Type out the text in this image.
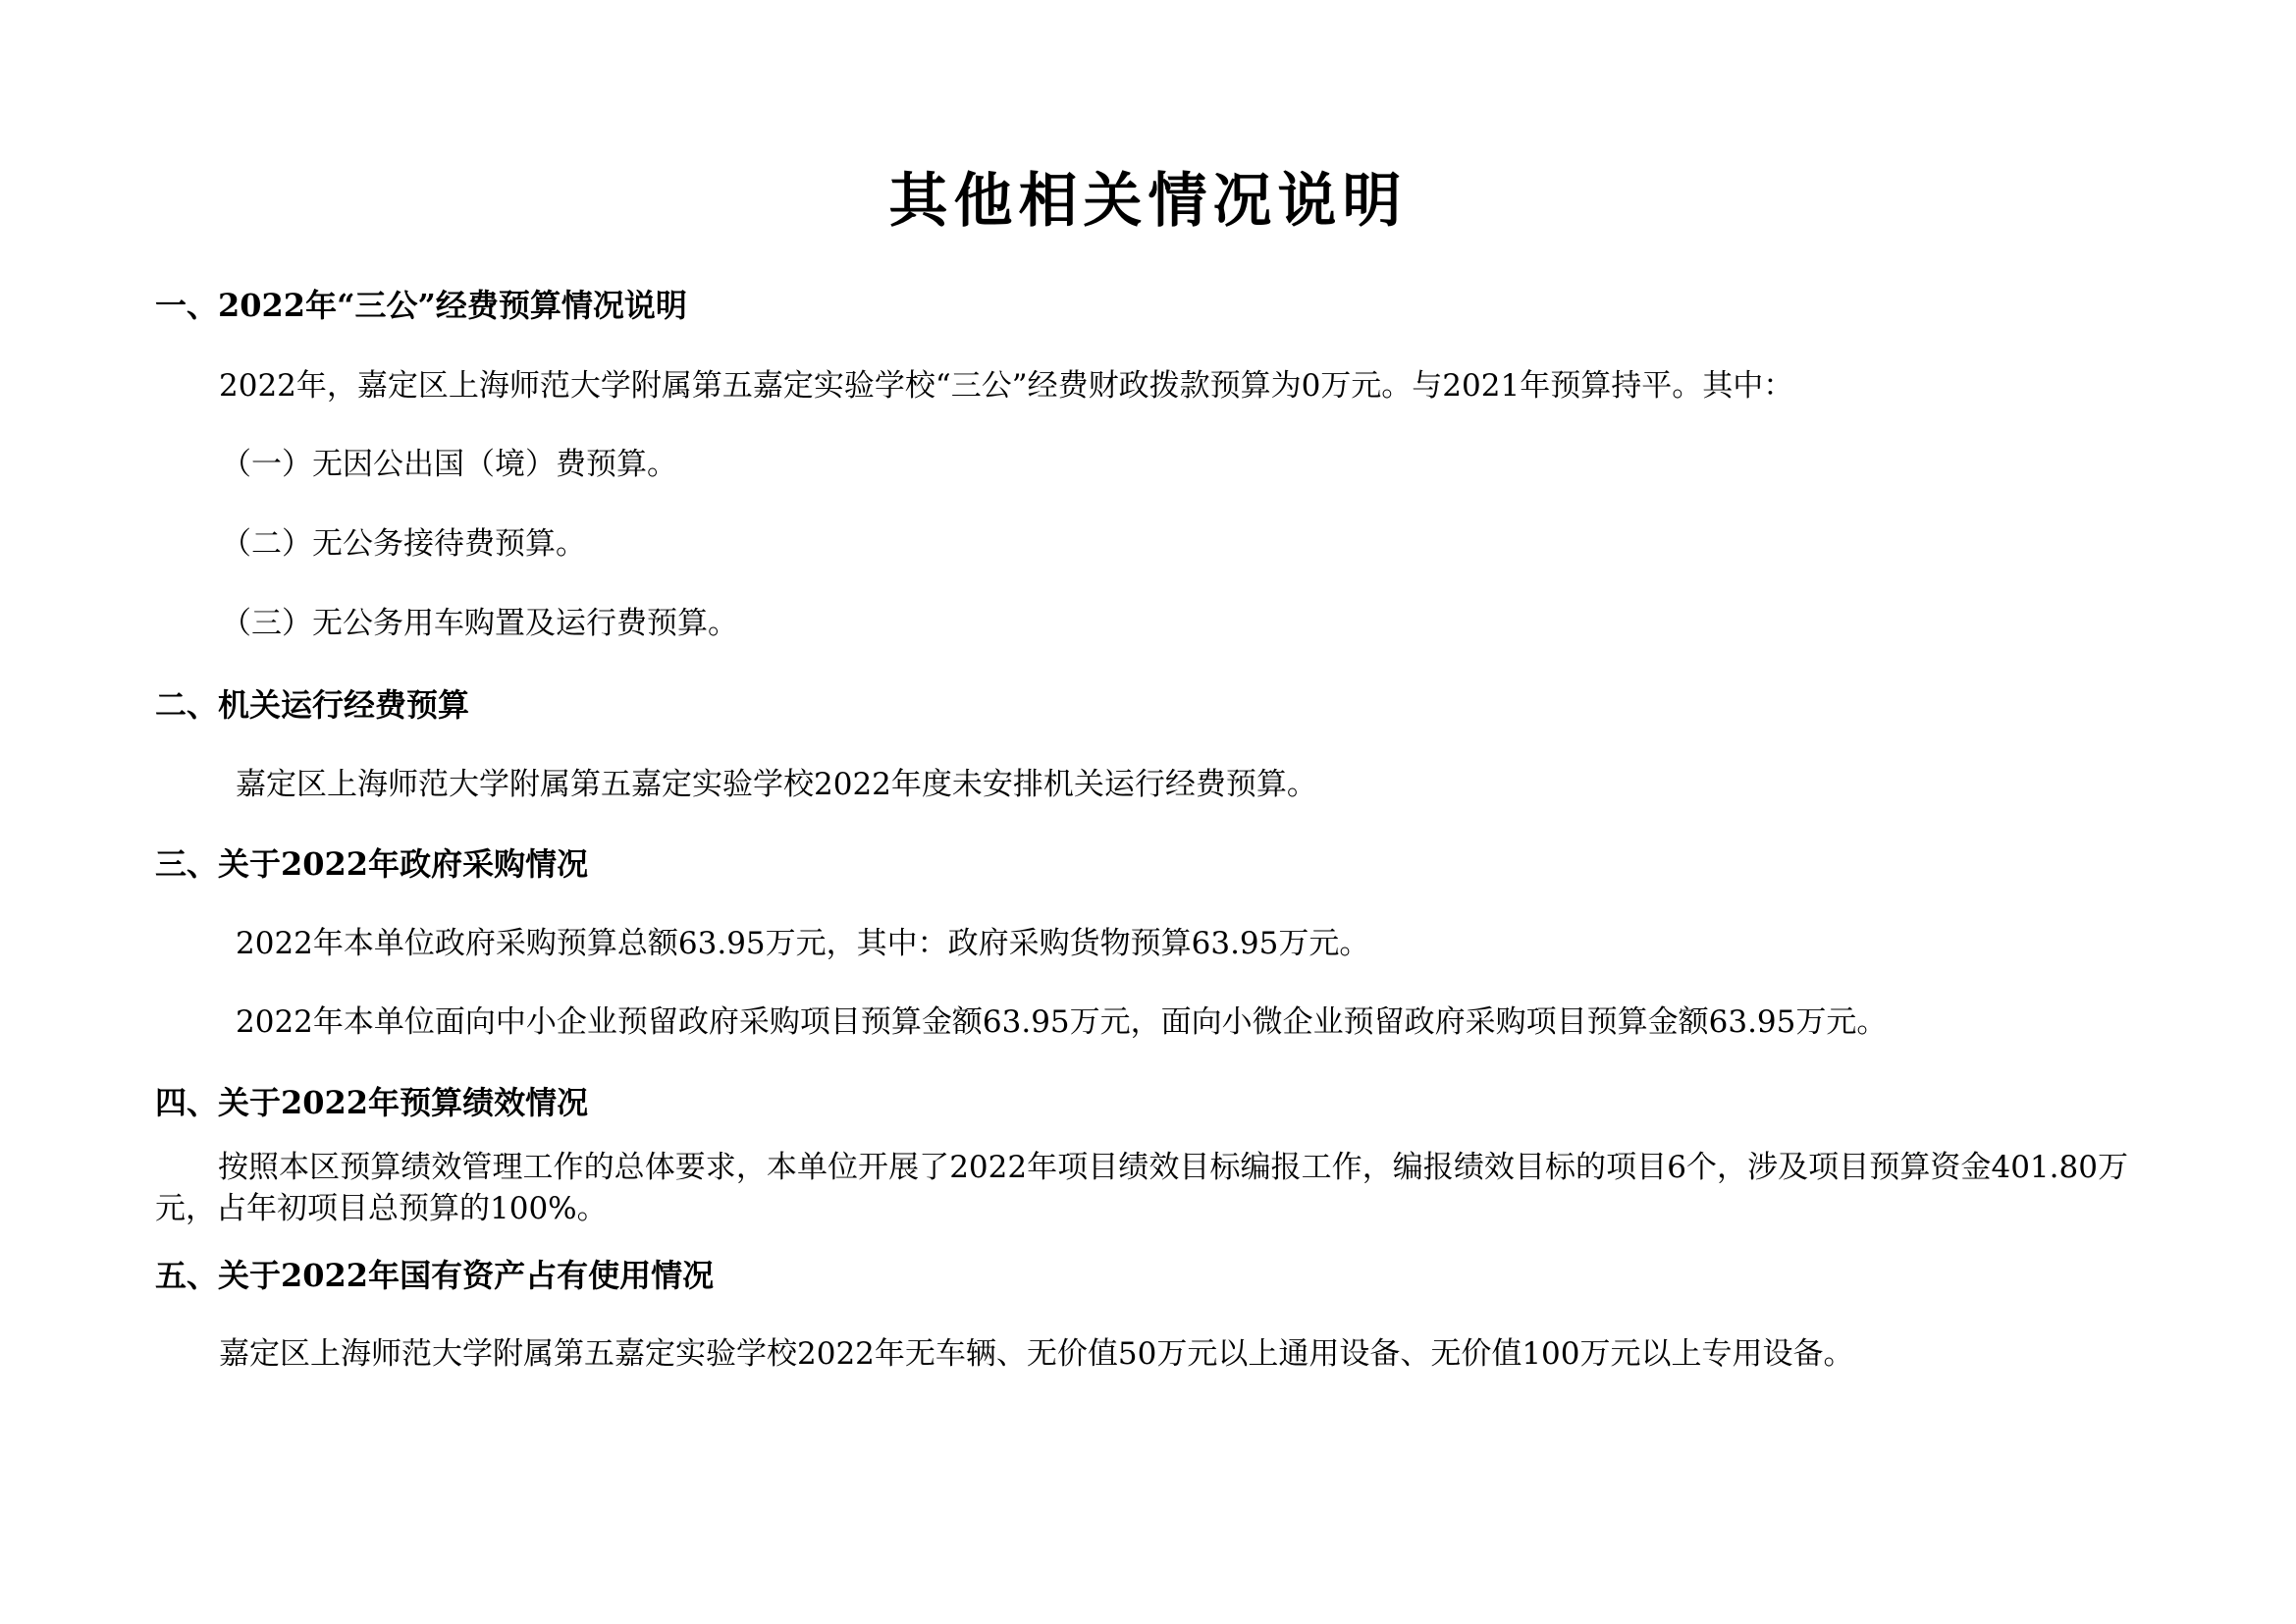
其他相关情况说明
一、2022年“三公”经费预算情况说明
2022年，嘉定区上海师范大学附属第五嘉定实验学校“三公”经费财政拨款预算为0万元。与2021年预算持平。其中：
（一）无因公出国（境）费预算。
（二）无公务接待费预算。
（三）无公务用车购置及运行费预算。
二、机关运行经费预算
嘉定区上海师范大学附属第五嘉定实验学校2022年度未安排机关运行经费预算。
三、关于2022年政府采购情况
2022年本单位政府采购预算总额63.95万元，其中：政府采购货物预算63.95万元。
2022年本单位面向中小企业预留政府采购项目预算金额63.95万元，面向小微企业预留政府采购项目预算金额63.95万元。
四、关于2022年预算绩效情况
按照本区预算绩效管理工作的总体要求，本单位开展了2022年项目绩效目标编报工作，编报绩效目标的项目6个，涉及项目预算资金401.80万元，占年初项目总预算的100%。
五、关于2022年国有资产占有使用情况
嘉定区上海师范大学附属第五嘉定实验学校2022年无车辆、无价值50万元以上通用设备、无价值100万元以上专用设备。
